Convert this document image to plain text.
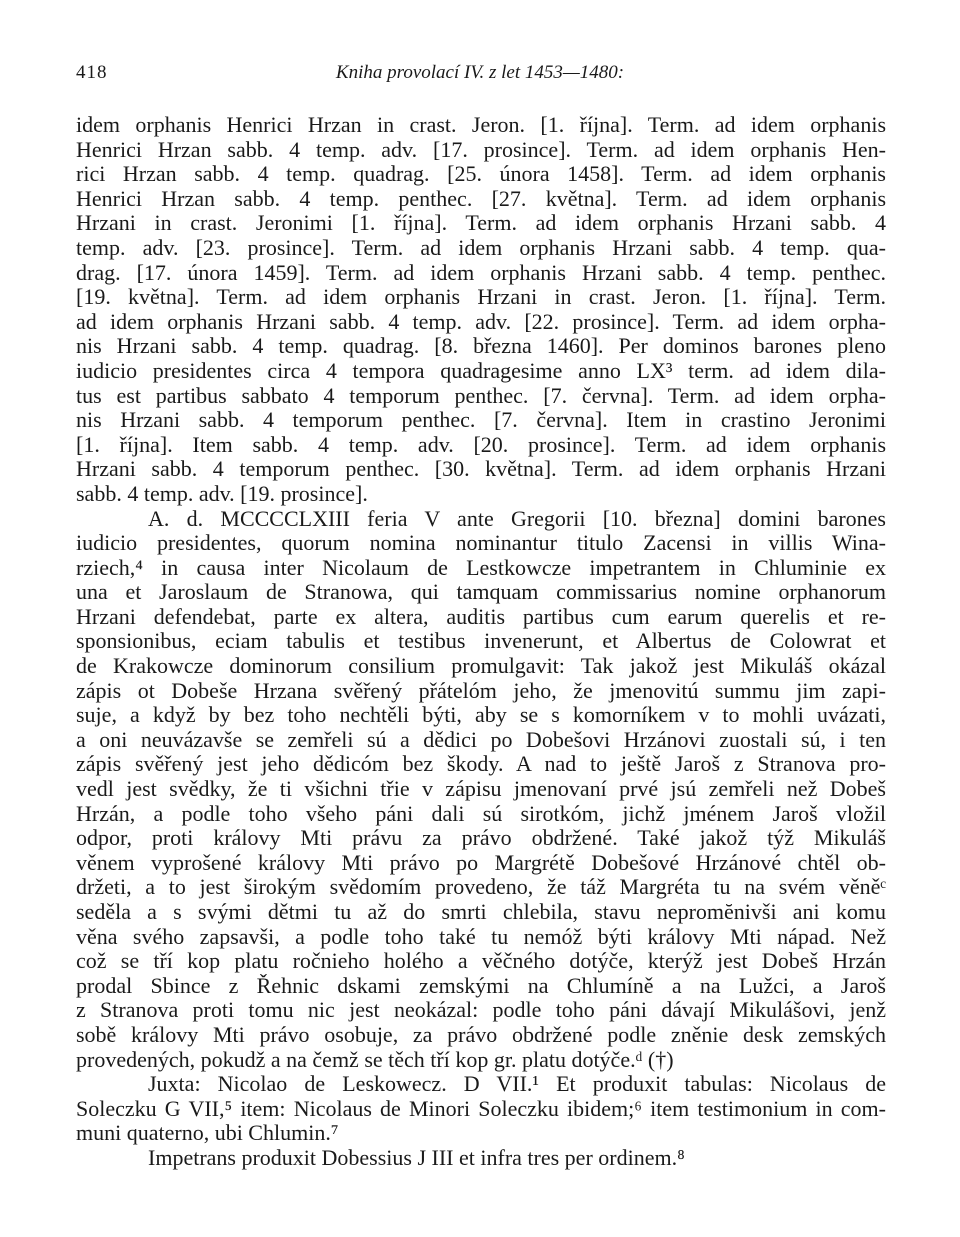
418	Kniha provolací IV. z let 1453—1480:
idem orphanis Henrici Hrzan in crast. Jeron. [1. října]. Term. ad idem orphanis
Henrici Hrzan sabb. 4 temp. adv. [17. prosince]. Term. ad idem orphanis Hen-
rici Hrzan sabb. 4 temp. quadrag. [25. února 1458]. Term. ad idem orphanis
Henrici Hrzan sabb. 4 temp. penthec. [27. května]. Term. ad idem orphanis
Hrzani in crast. Jeronimi [1. října]. Term. ad idem orphanis Hrzani sabb. 4
temp. adv. [23. prosince]. Term. ad idem orphanis Hrzani sabb. 4 temp. qua-
drag. [17. února 1459]. Term. ad idem orphanis Hrzani sabb. 4 temp. penthec.
[19. května]. Term. ad idem orphanis Hrzani in crast. Jeron. [1. října]. Term.
ad idem orphanis Hrzani sabb. 4 temp. adv. [22. prosince]. Term. ad idem orpha-
nis Hrzani sabb. 4 temp. quadrag. [8. března 1460]. Per dominos barones pleno
iudicio presidentes circa 4 tempora quadragesime anno LX³ term. ad idem dila-
tus est partibus sabbato 4 temporum penthec. [7. června]. Term. ad idem orpha-
nis Hrzani sabb. 4 temporum penthec. [7. června]. Item in crastino Jeronimi
[1. října]. Item sabb. 4 temp. adv. [20. prosince]. Term. ad idem orphanis
Hrzani sabb. 4 temporum penthec. [30. května]. Term. ad idem orphanis Hrzani
sabb. 4 temp. adv. [19. prosince].
A. d. MCCCCLXIII feria V ante Gregorii [10. března] domini barones
iudicio presidentes, quorum nomina nominantur titulo Zacensi in villis Wina-
rziech,⁴ in causa inter Nicolaum de Lestkowcze impetrantem in Chluminie ex
una et Jaroslaum de Stranowa, qui tamquam commissarius nomine orphanorum
Hrzani defendebat, parte ex altera, auditis partibus cum earum querelis et re-
sponsionibus, eciam tabulis et testibus invenerunt, et Albertus de Colowrat et
de Krakowcze dominorum consilium promulgavit: Tak jakož jest Mikuláš okázal
zápis ot Dobeše Hrzana svěřený přátelóm jeho, že jmenovitú summu jim zapi-
suje, a když by bez toho nechtěli býti, aby se s komorníkem v to mohli uvázati,
a oni neuvázavše se zemřeli sú a dědici po Dobešovi Hrzánovi zuostali sú, i ten
zápis svěřený jest jeho dědicóm bez škody. A nad to ještě Jaroš z Stranova pro-
vedl jest svědky, že ti všichni třie v zápisu jmenovaní prvé jsú zemřeli než Dobeš
Hrzán, a podle toho všeho páni dali sú sirotkóm, jichž jménem Jaroš vložil
odpor, proti královy Mti právu za právo obdržené. Také jakož týž Mikuláš
věnem vyprošené královy Mti právo po Margrétě Dobešové Hrzánové chtěl ob-
držeti, a to jest širokým svědomím provedeno, že táž Margréta tu na svém věněᶜ
seděla a s svými dětmi tu až do smrti chlebila, stavu nepromĕnivši ani komu
věna svého zapsavši, a podle toho také tu nemóž býti královy Mti nápad. Než
což se tří kop platu ročnieho holého a věčného dotýče, kterýž jest Dobeš Hrzán
prodal Sbince z Řehnic dskami zemskými na Chlumíně a na Lužci, a Jaroš
z Stranova proti tomu nic jest neokázal: podle toho páni dávají Mikulášovi, jenž
sobě královy Mti právo osobuje, za právo obdržené podle zněnie desk zemských
provedených, pokudž a na čemž se těch tří kop gr. platu dotýče.ᵈ (†)
Juxta: Nicolao de Leskowecz. D VII.¹ Et produxit tabulas: Nicolaus de
Soleczku G VII,⁵ item: Nicolaus de Minori Soleczku ibidem;⁶ item testimonium in com-
muni quaterno, ubi Chlumin.⁷
Impetrans produxit Dobessius J III et infra tres per ordinem.⁸
